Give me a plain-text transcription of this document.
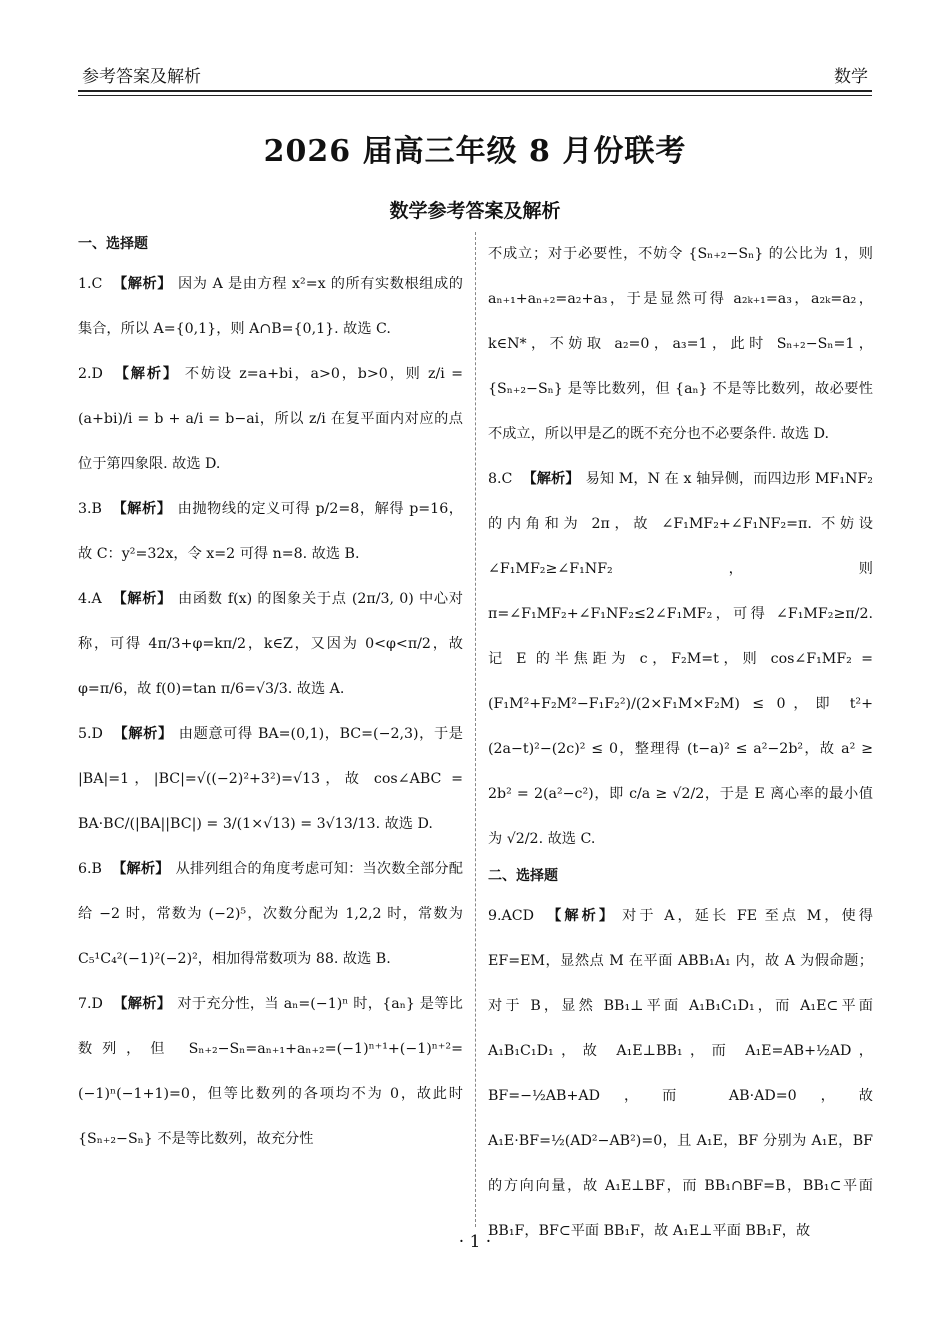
参考答案及解析	数学
2026 届高三年级 8 月份联考
数学参考答案及解析
一、选择题

1.C 【解析】 因为 A 是由方程 x²=x 的所有实数根组成的集合，所以 A={0,1}，则 A∩B={0,1}. 故选 C.

2.D 【解析】 不妨设 z=a+bi，a>0，b>0，则 z/i = (a+bi)/i = b + a/i = b−ai，所以 z/i 在复平面内对应的点位于第四象限. 故选 D.

3.B 【解析】 由抛物线的定义可得 p/2=8，解得 p=16，故 C：y²=32x，令 x=2 可得 n=8. 故选 B.

4.A 【解析】 由函数 f(x) 的图象关于点 (2π/3, 0) 中心对称，可得 4π/3+φ=kπ/2，k∈Z，又因为 0<φ<π/2，故 φ=π/6，故 f(0)=tan π/6=√3/3. 故选 A.

5.D 【解析】 由题意可得 BA=(0,1)，BC=(−2,3)，于是 |BA|=1，|BC|=√((−2)²+3²)=√13，故 cos∠ABC = BA·BC/(|BA||BC|) = 3/(1×√13) = 3√13/13. 故选 D.

6.B 【解析】 从排列组合的角度考虑可知：当次数全部分配给 −2 时，常数为 (−2)⁵，次数分配为 1,2,2 时，常数为 C₅¹C₄²(−1)²(−2)²，相加得常数项为 88. 故选 B.

7.D 【解析】 对于充分性，当 aₙ=(−1)ⁿ 时，{aₙ} 是等比数列，但 Sₙ₊₂−Sₙ=aₙ₊₁+aₙ₊₂=(−1)ⁿ⁺¹+(−1)ⁿ⁺²=(−1)ⁿ(−1+1)=0，但等比数列的各项均不为 0，故此时 {Sₙ₊₂−Sₙ} 不是等比数列，故充分性

不成立；对于必要性，不妨令 {Sₙ₊₂−Sₙ} 的公比为 1，则 aₙ₊₁+aₙ₊₂=a₂+a₃，于是显然可得 a₂ₖ₊₁=a₃，a₂ₖ=a₂，k∈N*，不妨取 a₂=0，a₃=1，此时 Sₙ₊₂−Sₙ=1，{Sₙ₊₂−Sₙ} 是等比数列，但 {aₙ} 不是等比数列，故必要性不成立，所以甲是乙的既不充分也不必要条件. 故选 D.

8.C 【解析】 易知 M，N 在 x 轴异侧，而四边形 MF₁NF₂ 的内角和为 2π，故 ∠F₁MF₂+∠F₁NF₂=π. 不妨设 ∠F₁MF₂≥∠F₁NF₂，则 π=∠F₁MF₂+∠F₁NF₂≤2∠F₁MF₂，可得 ∠F₁MF₂≥π/2. 记 E 的半焦距为 c，F₂M=t，则 cos∠F₁MF₂ = (F₁M²+F₂M²−F₁F₂²)/(2×F₁M×F₂M) ≤ 0，即 t²+(2a−t)²−(2c)² ≤ 0，整理得 (t−a)² ≤ a²−2b²，故 a² ≥ 2b² = 2(a²−c²)，即 c/a ≥ √2/2，于是 E 离心率的最小值为 √2/2. 故选 C.

二、选择题

9.ACD 【解析】 对于 A，延长 FE 至点 M，使得 EF=EM，显然点 M 在平面 ABB₁A₁ 内，故 A 为假命题；对于 B，显然 BB₁⊥平面 A₁B₁C₁D₁，而 A₁E⊂平面 A₁B₁C₁D₁，故 A₁E⊥BB₁，而 A₁E=AB+½AD，BF=−½AB+AD，而 AB·AD=0，故 A₁E·BF=½(AD²−AB²)=0，且 A₁E，BF 分别为 A₁E，BF 的方向向量，故 A₁E⊥BF，而 BB₁∩BF=B，BB₁⊂平面 BB₁F，BF⊂平面 BB₁F，故 A₁E⊥平面 BB₁F，故

· 1 ·
